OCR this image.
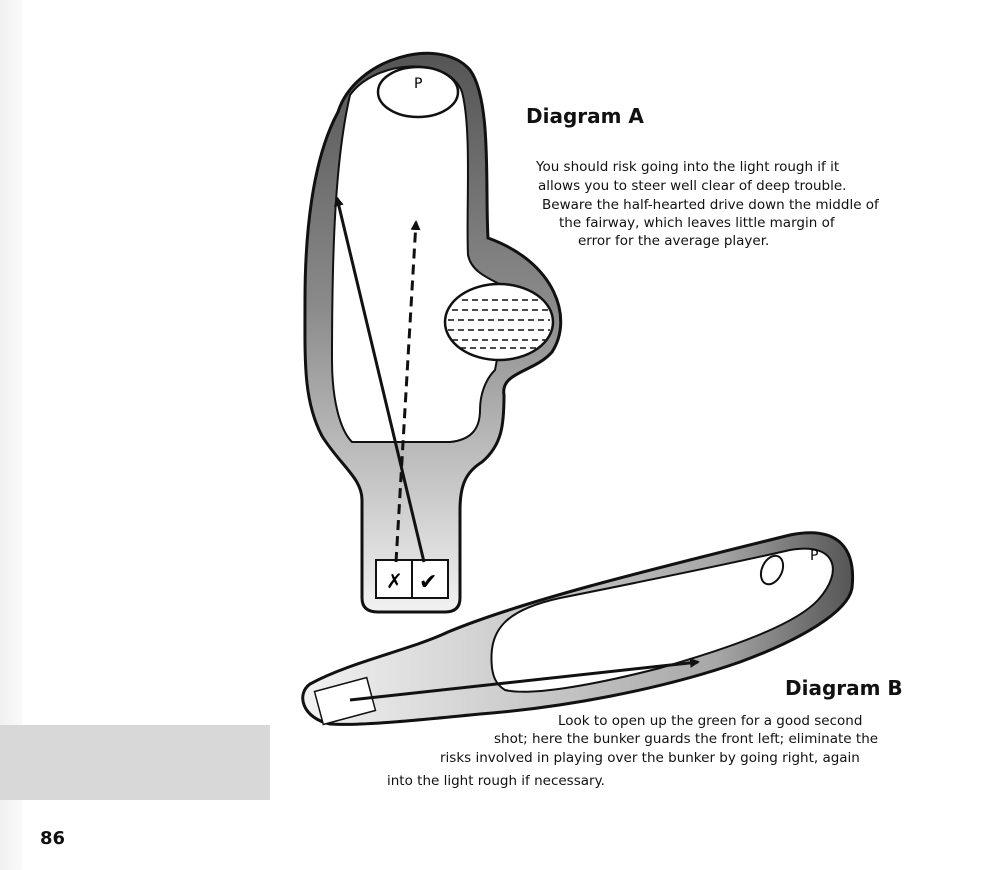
P
✗ ✔
P
Diagram A
You should risk going into the light rough if it
allows you to steer well clear of deep trouble.
Beware the half-hearted drive down the middle of
the fairway, which leaves little margin of
error for the average player.
Diagram B
Look to open up the green for a good second
shot; here the bunker guards the front left; eliminate the
risks involved in playing over the bunker by going right, again
into the light rough if necessary.
86
